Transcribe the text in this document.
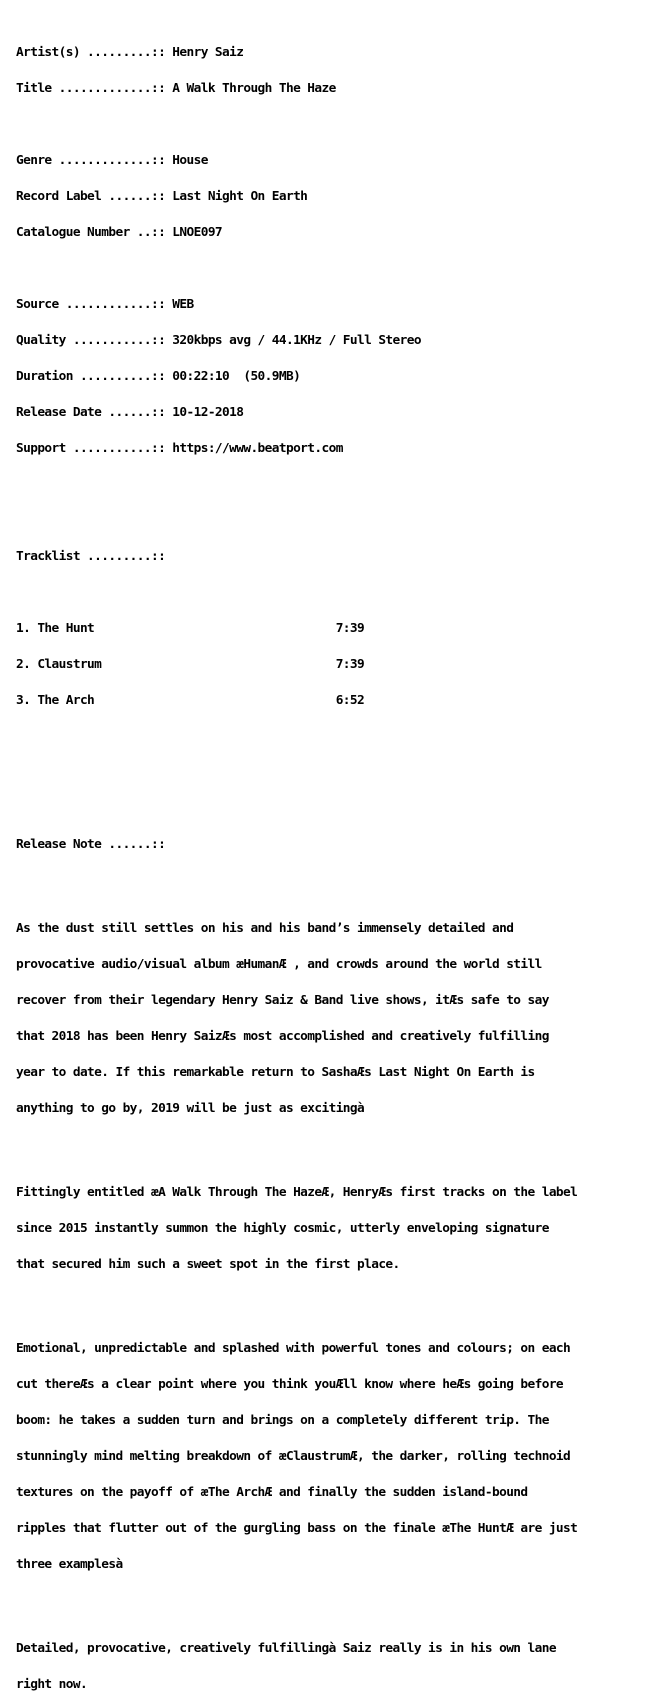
Artist(s) .........:: Henry Saiz

Title .............:: A Walk Through The Haze

Genre .............:: House

Record Label ......:: Last Night On Earth

Catalogue Number ..:: LNOE097

Source ............:: WEB

Quality ...........:: 320kbps avg / 44.1KHz / Full Stereo

Duration ..........:: 00:22:10  (50.9MB)

Release Date ......:: 10-12-2018

Support ...........:: https://www.beatport.com

Tracklist .........::

1. The Hunt                                  7:39

2. Claustrum                                 7:39

3. The Arch                                  6:52

Release Note ......::

As the dust still settles on his and his band’s immensely detailed and

provocative audio/visual album æHumanÆ , and crowds around the world still

recover from their legendary Henry Saiz & Band live shows, itÆs safe to say

that 2018 has been Henry SaizÆs most accomplished and creatively fulfilling

year to date. If this remarkable return to SashaÆs Last Night On Earth is

anything to go by, 2019 will be just as excitingà

Fittingly entitled æA Walk Through The HazeÆ, HenryÆs first tracks on the label

since 2015 instantly summon the highly cosmic, utterly enveloping signature

that secured him such a sweet spot in the first place.

Emotional, unpredictable and splashed with powerful tones and colours; on each

cut thereÆs a clear point where you think youÆll know where heÆs going before

boom: he takes a sudden turn and brings on a completely different trip. The

stunningly mind melting breakdown of æClaustrumÆ, the darker, rolling technoid

textures on the payoff of æThe ArchÆ and finally the sudden island-bound

ripples that flutter out of the gurgling bass on the finale æThe HuntÆ are just

three examplesà

Detailed, provocative, creatively fulfillingà Saiz really is in his own lane

right now.
